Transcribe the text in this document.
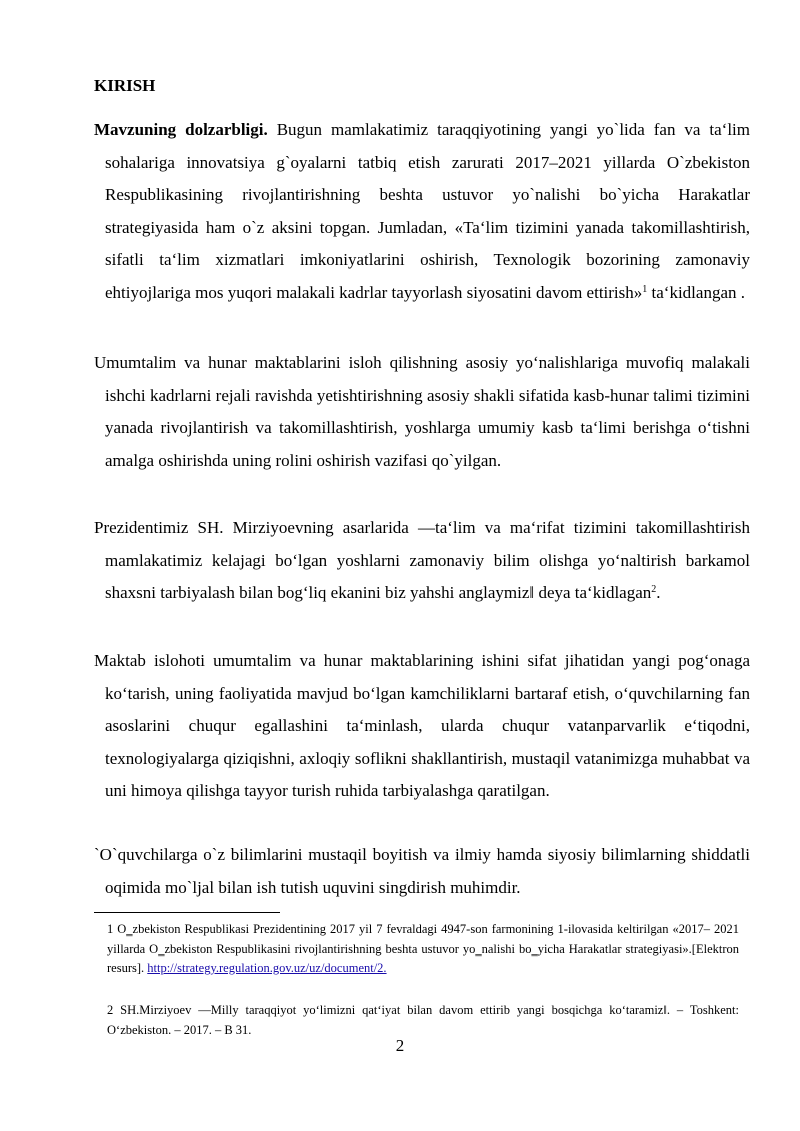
KIRISH
Mavzuning dolzarbligi. Bugun mamlakatimiz taraqqiyotining yangi yo`lida fan va ta‘lim sohalariga innovatsiya g`oyalarni tatbiq etish zarurati 2017–2021 yillarda O`zbekiston Respublikasining rivojlantirishning beshta ustuvor yo`nalishi bo`yicha Harakatlar strategiyasida ham o`z aksini topgan. Jumladan, «Ta‘lim tizimini yanada takomillashtirish, sifatli ta‘lim xizmatlari imkoniyatlarini oshirish, Texnologik bozorining zamonaviy ehtiyojlariga mos yuqori malakali kadrlar tayyorlash siyosatini davom ettirish»$^1$ ta‘kidlangan .
Umumtalim va hunar maktablarini isloh qilishning asosiy yo‘nalishlariga muvofiq malakali ishchi kadrlarni rejali ravishda yetishtirishning asosiy shakli sifatida kasb-hunar talimi tizimini yanada rivojlantirish va takomillashtirish, yoshlarga umumiy kasb ta‘limi berishga o‘tishni amalga oshirishda uning rolini oshirish vazifasi qo`yilgan.
Prezidentimiz SH. Mirziyoevning asarlarida ―ta‘lim va ma‘rifat tizimini takomillashtirish mamlakatimiz kelajagi bo‘lgan yoshlarni zamonaviy bilim olishga yo‘naltirish barkamol shaxsni tarbiyalash bilan bog‘liq ekanini biz yahshi anglaymiz‖ deya ta‘kidlagan$^2$.
Maktab islohoti umumtalim va hunar maktablarining ishini sifat jihatidan yangi pog‘onaga ko‘tarish, uning faoliyatida mavjud bo‘lgan kamchiliklarni bartaraf etish, o‘quvchilarning fan asoslarini chuqur egallashini ta‘minlash, ularda chuqur vatanparvarlik e‘tiqodni, texnologiyalarga qiziqishni, axloqiy soflikni shakllantirish, mustaqil vatanimizga muhabbat va uni himoya qilishga tayyor turish ruhida tarbiyalashga qaratilgan.
`O`quvchilarga o`z bilimlarini mustaqil boyitish va ilmiy hamda siyosiy bilimlarning shiddatli oqimida mo`ljal bilan ish tutish uquvini singdirish muhimdir.
1 O‗zbekiston Respublikasi Prezidentining 2017 yil 7 fevraldagi 4947-son farmonining 1-ilovasida keltirilgan «2017– 2021 yillarda O‗zbekiston Respublikasini rivojlantirishning beshta ustuvor yo‗nalishi bo‗yicha Harakatlar strategiyasi».[Elektron resurs]. http://strategy.regulation.gov.uz/uz/document/2.
2 SH.Mirziyoev ―Milly taraqqiyot yo‘limizni qat‘iyat bilan davom ettirib yangi bosqichga ko‘taramiz‖. – Toshkent: O‘zbekiston. – 2017. – B 31.
2
